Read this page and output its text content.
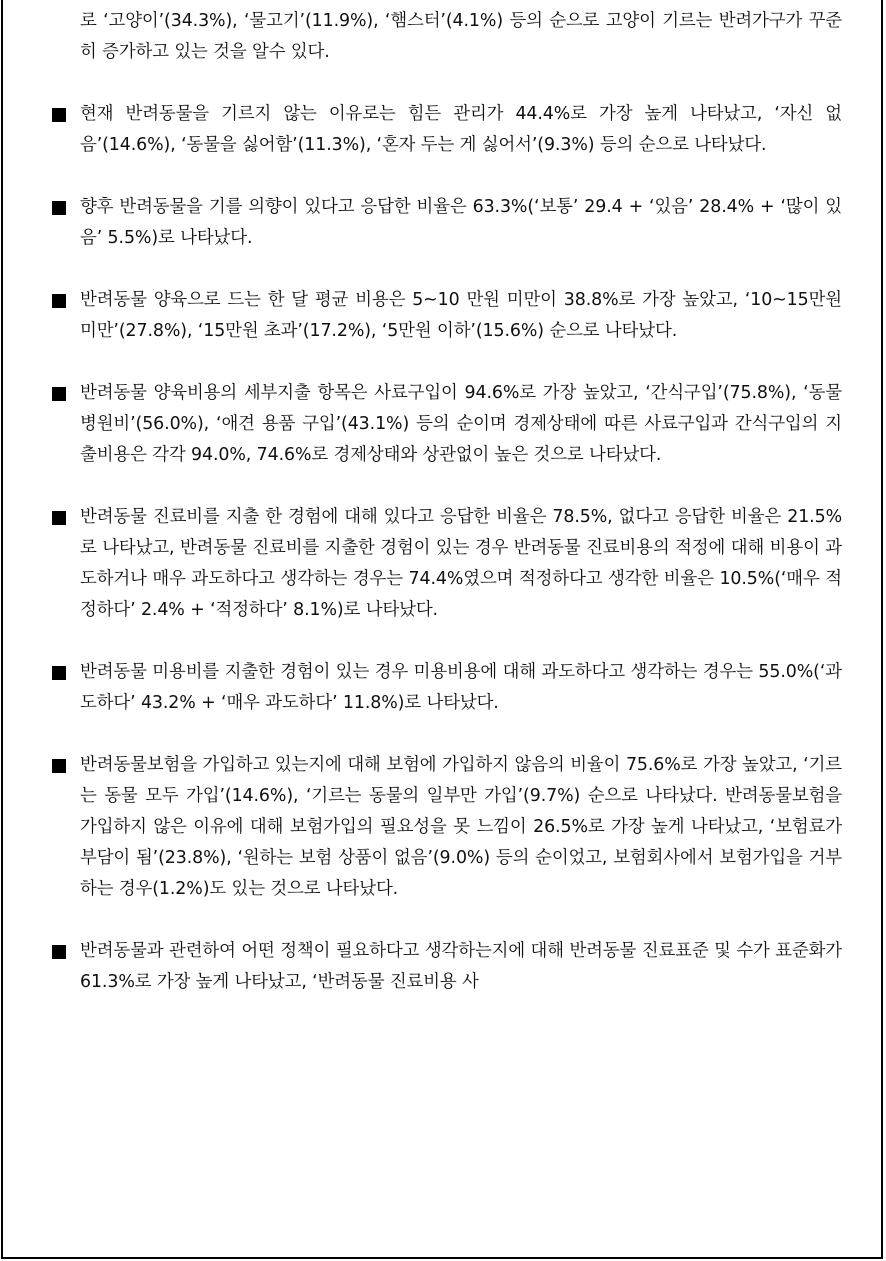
로 ‘고양이’(34.3%), ‘물고기’(11.9%), ‘햄스터’(4.1%) 등의 순으로 고양이 기르는 반려가구가 꾸준히 증가하고 있는 것을 알수 있다.

현재 반려동물을 기르지 않는 이유로는 힘든 관리가 44.4%로 가장 높게 나타났고, ‘자신 없음’(14.6%), ‘동물을 싫어함’(11.3%), ‘혼자 두는 게 싫어서’(9.3%) 등의 순으로 나타났다.
향후 반려동물을 기를 의향이 있다고 응답한 비율은 63.3%(‘보통’ 29.4 + ‘있음’ 28.4% + ‘많이 있음’ 5.5%)로 나타났다.
반려동물 양육으로 드는 한 달 평균 비용은 5~10 만원 미만이 38.8%로 가장 높았고, ‘10~15만원 미만’(27.8%), ‘15만원 초과’(17.2%), ‘5만원 이하’(15.6%) 순으로 나타났다.
반려동물 양육비용의 세부지출 항목은 사료구입이 94.6%로 가장 높았고, ‘간식구입’(75.8%), ‘동물병원비’(56.0%), ‘애견 용품 구입’(43.1%) 등의 순이며 경제상태에 따른 사료구입과 간식구입의 지출비용은 각각 94.0%, 74.6%로 경제상태와 상관없이 높은 것으로 나타났다.
반려동물 진료비를 지출 한 경험에 대해 있다고 응답한 비율은 78.5%, 없다고 응답한 비율은 21.5%로 나타났고, 반려동물 진료비를 지출한 경험이 있는 경우 반려동물 진료비용의 적정에 대해 비용이 과도하거나 매우 과도하다고 생각하는 경우는 74.4%였으며 적정하다고 생각한 비율은 10.5%(‘매우 적정하다’ 2.4% + ‘적정하다’ 8.1%)로 나타났다.
반려동물 미용비를 지출한 경험이 있는 경우 미용비용에 대해 과도하다고 생각하는 경우는 55.0%(‘과도하다’ 43.2% + ‘매우 과도하다’ 11.8%)로 나타났다.
반려동물보험을 가입하고 있는지에 대해 보험에 가입하지 않음의 비율이 75.6%로 가장 높았고, ‘기르는 동물 모두 가입’(14.6%), ‘기르는 동물의 일부만 가입’(9.7%) 순으로 나타났다. 반려동물보험을 가입하지 않은 이유에 대해 보험가입의 필요성을 못 느낌이 26.5%로 가장 높게 나타났고, ‘보험료가 부담이 됨’(23.8%), ‘원하는 보험 상품이 없음’(9.0%) 등의 순이었고, 보험회사에서 보험가입을 거부하는 경우(1.2%)도 있는 것으로 나타났다.
반려동물과 관련하여 어떤 정책이 필요하다고 생각하는지에 대해 반려동물 진료표준 및 수가 표준화가 61.3%로 가장 높게 나타났고, ‘반려동물 진료비용 사
